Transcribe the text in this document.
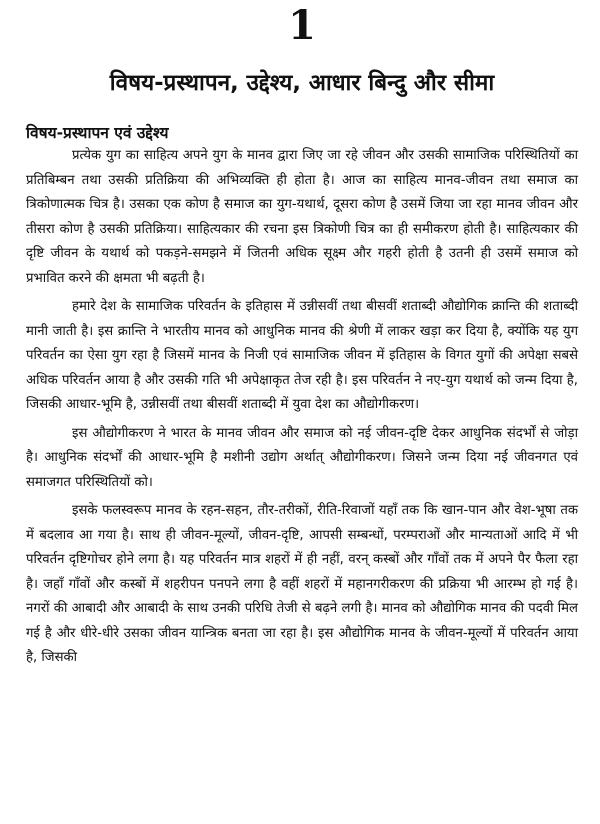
1
विषय-प्रस्थापन, उद्देश्य, आधार बिन्दु और सीमा
विषय-प्रस्थापन एवं उद्देश्य

प्रत्येक युग का साहित्य अपने युग के मानव द्वारा जिए जा रहे जीवन और उसकी सामाजिक परिस्थितियों का प्रतिबिम्बन तथा उसकी प्रतिक्रिया की अभिव्यक्ति ही होता है। आज का साहित्य मानव-जीवन तथा समाज का त्रिकोणात्मक चित्र है। उसका एक कोण है समाज का युग-यथार्थ, दूसरा कोण है उसमें जिया जा रहा मानव जीवन और तीसरा कोण है उसकी प्रतिक्रिया। साहित्यकार की रचना इस त्रिकोणी चित्र का ही समीकरण होती है। साहित्यकार की दृष्टि जीवन के यथार्थ को पकड़ने-समझने में जितनी अधिक सूक्ष्म और गहरी होती है उतनी ही उसमें समाज को प्रभावित करने की क्षमता भी बढ़ती है।

हमारे देश के सामाजिक परिवर्तन के इतिहास में उन्नीसवीं तथा बीसवीं शताब्दी औद्योगिक क्रान्ति की शताब्दी मानी जाती है। इस क्रान्ति ने भारतीय मानव को आधुनिक मानव की श्रेणी में लाकर खड़ा कर दिया है, क्योंकि यह युग परिवर्तन का ऐसा युग रहा है जिसमें मानव के निजी एवं सामाजिक जीवन में इतिहास के विगत युगों की अपेक्षा सबसे अधिक परिवर्तन आया है और उसकी गति भी अपेक्षाकृत तेज रही है। इस परिवर्तन ने नए-युग यथार्थ को जन्म दिया है, जिसकी आधार-भूमि है, उन्नीसवीं तथा बीसवीं शताब्दी में युवा देश का औद्योगीकरण।

इस औद्योगीकरण ने भारत के मानव जीवन और समाज को नई जीवन-दृष्टि देकर आधुनिक संदर्भों से जोड़ा है। आधुनिक संदर्भों की आधार-भूमि है मशीनी उद्योग अर्थात् औद्योगीकरण। जिसने जन्म दिया नई जीवनगत एवं समाजगत परिस्थितियों को।

इसके फलस्वरूप मानव के रहन-सहन, तौर-तरीकों, रीति-रिवाजों यहाँ तक कि खान-पान और वेश-भूषा तक में बदलाव आ गया है। साथ ही जीवन-मूल्यों, जीवन-दृष्टि, आपसी सम्बन्धों, परम्पराओं और मान्यताओं आदि में भी परिवर्तन दृष्टिगोचर होने लगा है। यह परिवर्तन मात्र शहरों में ही नहीं, वरन् कस्बों और गाँवों तक में अपने पैर फैला रहा है। जहाँ गाँवों और कस्बों में शहरीपन पनपने लगा है वहीं शहरों में महानगरीकरण की प्रक्रिया भी आरम्भ हो गई है। नगरों की आबादी और आबादी के साथ उनकी परिधि तेजी से बढ़ने लगी है। मानव को औद्योगिक मानव की पदवी मिल गई है और धीरे-धीरे उसका जीवन यान्त्रिक बनता जा रहा है। इस औद्योगिक मानव के जीवन-मूल्यों में परिवर्तन आया है, जिसकी
